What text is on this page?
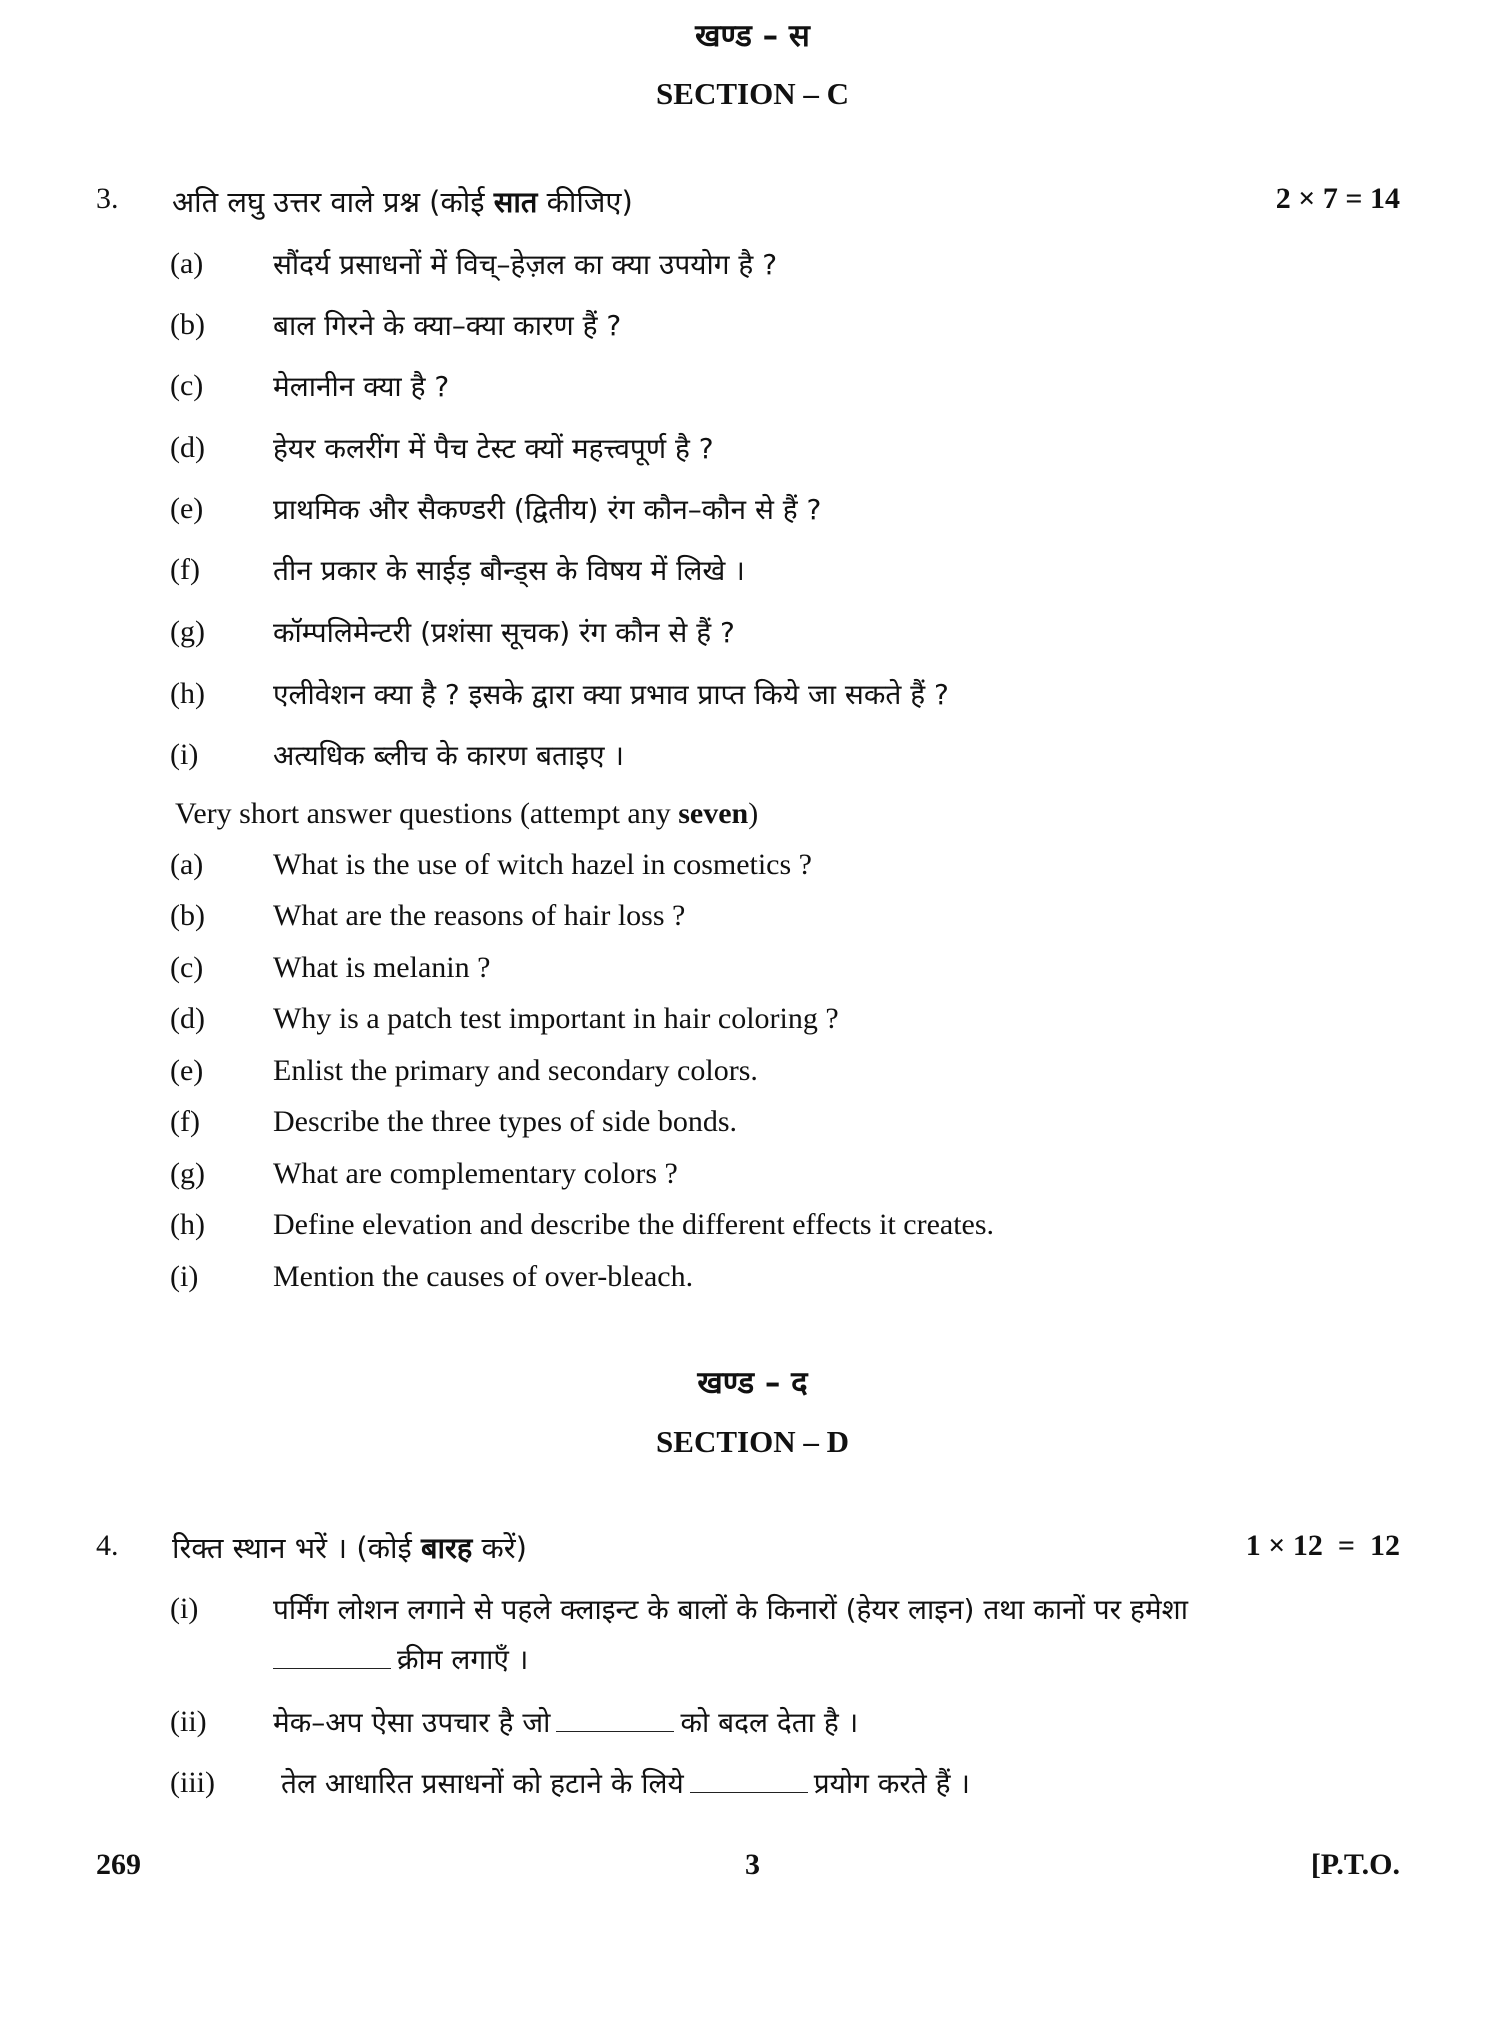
खण्ड – स
SECTION – C
3. अति लघु उत्तर वाले प्रश्न (कोई सात कीजिए)	2 × 7 = 14
(a) सौंदर्य प्रसाधनों में विच्–हेज़ल का क्या उपयोग है ?
(b) बाल गिरने के क्या–क्या कारण हैं ?
(c) मेलानीन क्या है ?
(d) हेयर कलरींग में पैच टेस्ट क्यों महत्त्वपूर्ण है ?
(e) प्राथमिक और सैकण्डरी (द्वितीय) रंग कौन–कौन से हैं ?
(f)	तीन प्रकार के साईड़ बौन्ड्स के विषय में लिखे ।
(g) कॉम्पलिमेन्टरी (प्रशंसा सूचक) रंग कौन से हैं ?
(h) एलीवेशन क्या है ? इसके द्वारा क्या प्रभाव प्राप्त किये जा सकते हैं ?
(i)	अत्यधिक ब्लीच के कारण बताइए ।
Very short answer questions (attempt any seven)
(a) What is the use of witch hazel in cosmetics ?
(b) What are the reasons of hair loss ?
(c) What is melanin ?
(d) Why is a patch test important in hair coloring ?
(e) Enlist the primary and secondary colors.
(f) Describe the three types of side bonds.
(g) What are complementary colors ?
(h) Define elevation and describe the different effects it creates.
(i) Mention the causes of over-bleach.
खण्ड – द
SECTION – D
4. रिक्त स्थान भरें । (कोई बारह करें)	1 × 12  =  12
(i)	पर्मिंग लोशन लगाने से पहले क्लाइन्ट के बालों के किनारों (हेयर लाइन) तथा कानों पर हमेशा
क्रीम लगाएँ ।
(ii) मेक–अप ऐसा उपचार है जो	को बदल देता है ।
(iii) तेल आधारित प्रसाधनों को हटाने के लिये	प्रयोग करते हैं ।
269	3	[P.T.O.
